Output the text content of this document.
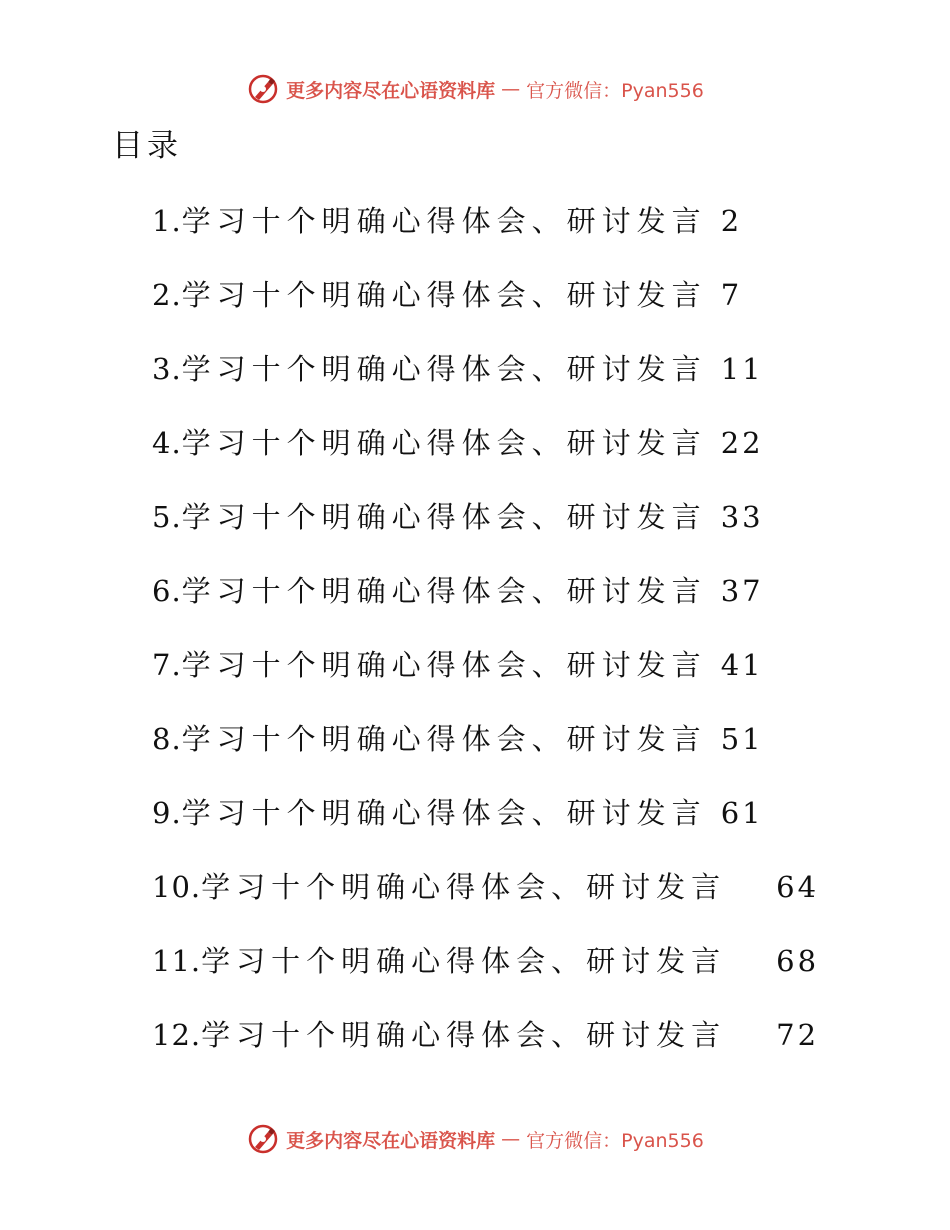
更多内容尽在心语资料库 — 官方微信：Pyan556
目录
1. 学习十个明确心得体会、研讨发言 2
2. 学习十个明确心得体会、研讨发言 7
3. 学习十个明确心得体会、研讨发言 11
4. 学习十个明确心得体会、研讨发言 22
5. 学习十个明确心得体会、研讨发言 33
6. 学习十个明确心得体会、研讨发言 37
7. 学习十个明确心得体会、研讨发言 41
8. 学习十个明确心得体会、研讨发言 51
9. 学习十个明确心得体会、研讨发言 61
10. 学习十个明确心得体会、研讨发言 64
11. 学习十个明确心得体会、研讨发言 68
12. 学习十个明确心得体会、研讨发言 72
更多内容尽在心语资料库 — 官方微信：Pyan556
